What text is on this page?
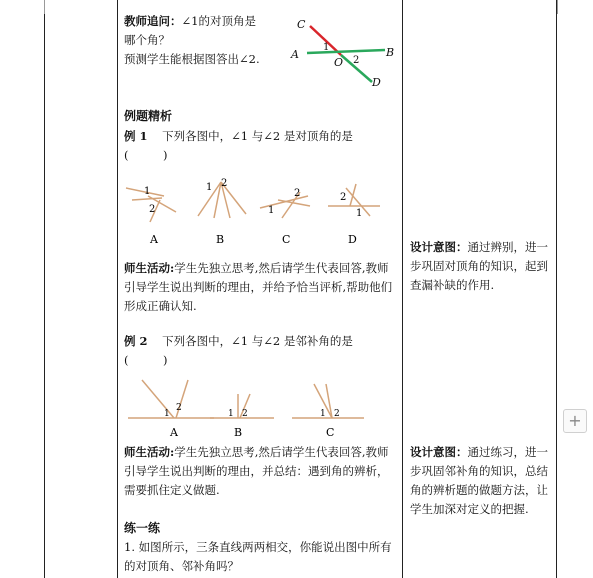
教师追问：∠1的对顶角是
哪个角？
预测学生能根据图答出∠2.
C
A
1
O 2
B
D
例题精析
例 1 下列各图中，∠1 与∠2 是对顶角的是
(　　　)
1
2
1 2
1
2	2
1
A	B	C	D
师生活动:学生先独立思考,然后请学生代表回答,教师引导学生说出判断的理由，并给予恰当评析,帮助他们形成正确认知.
设计意图：通过辨别，进一步巩固对顶角的知识，起到查漏补缺的作用.
例 2 下列各图中，∠1 与∠2 是邻补角的是
(　　　)
1
2
1 2	1 2
A	B	C
师生活动:学生先独立思考,然后请学生代表回答,教师引导学生说出判断的理由，并总结：遇到角的辨析，需要抓住定义做题.
设计意图：通过练习，进一步巩固邻补角的知识，总结角的辨析题的做题方法，让学生加深对定义的把握.
练一练
1. 如图所示，三条直线两两相交，你能说出图中所有的对顶角、邻补角吗？
+
